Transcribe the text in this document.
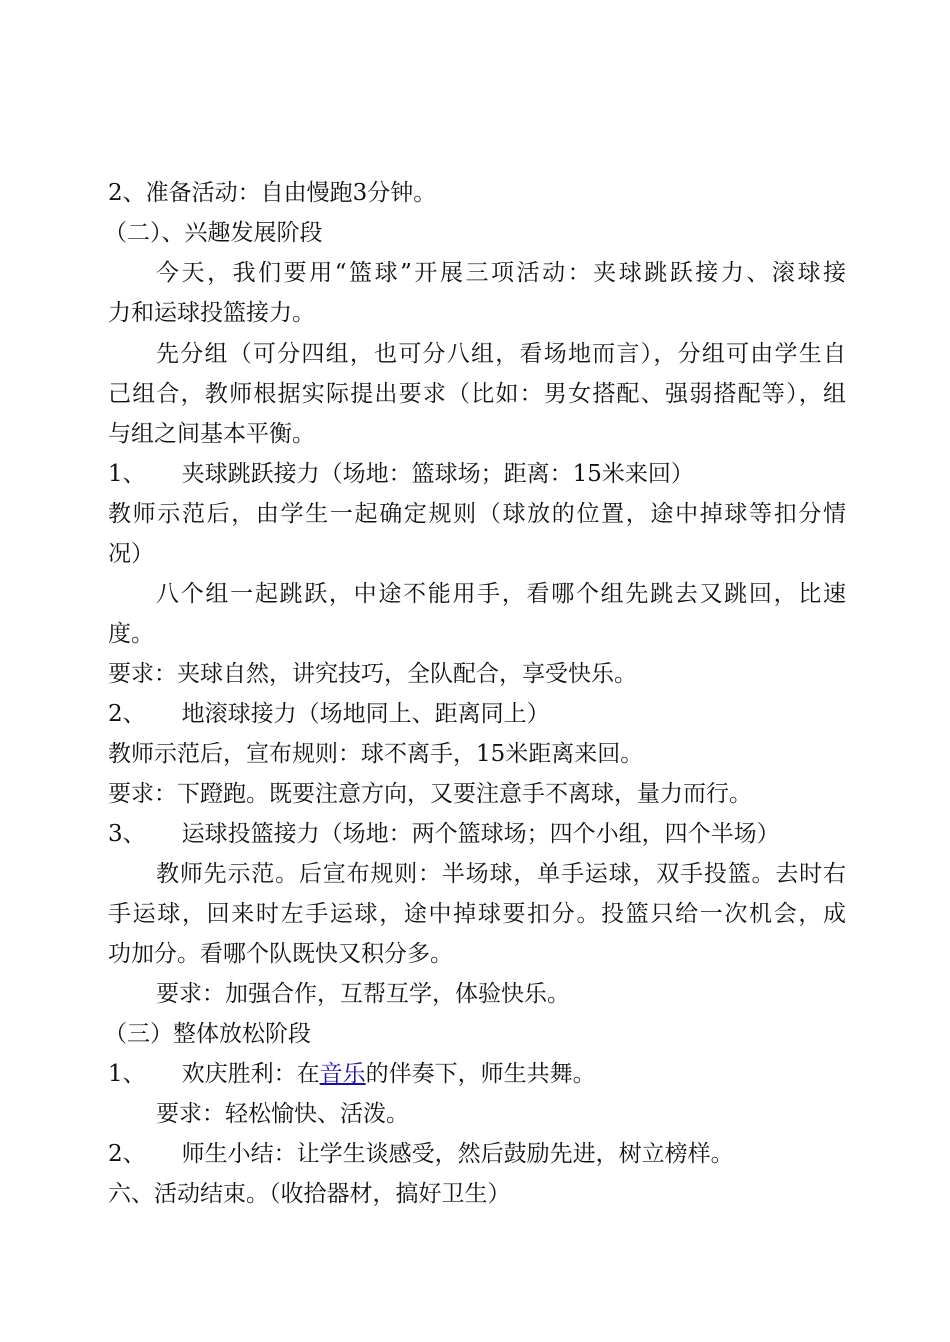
2、准备活动：自由慢跑3分钟。
（二）、兴趣发展阶段
今天，我们要用“篮球”开展三项活动：夹球跳跃接力、滚球接
力和运球投篮接力。
先分组（可分四组，也可分八组，看场地而言），分组可由学生自
己组合，教师根据实际提出要求（比如：男女搭配、强弱搭配等），组
与组之间基本平衡。
1、 夹球跳跃接力（场地：篮球场；距离：15米来回）
教师示范后，由学生一起确定规则（球放的位置，途中掉球等扣分情
况）
八个组一起跳跃，中途不能用手，看哪个组先跳去又跳回，比速
度。
要求：夹球自然，讲究技巧，全队配合，享受快乐。
2、 地滚球接力（场地同上、距离同上）
教师示范后，宣布规则：球不离手，15米距离来回。
要求：下蹬跑。既要注意方向，又要注意手不离球，量力而行。
3、 运球投篮接力（场地：两个篮球场；四个小组，四个半场）
教师先示范。后宣布规则：半场球，单手运球，双手投篮。去时右
手运球，回来时左手运球，途中掉球要扣分。投篮只给一次机会，成
功加分。看哪个队既快又积分多。
要求：加强合作，互帮互学，体验快乐。
（三）整体放松阶段
1、 欢庆胜利：在音乐的伴奏下，师生共舞。
要求：轻松愉快、活泼。
2、 师生小结：让学生谈感受，然后鼓励先进，树立榜样。
六、活动结束。（收拾器材，搞好卫生）
